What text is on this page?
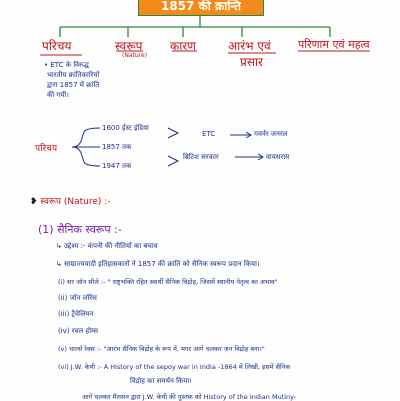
1857 की क्रान्ति
परिचय	स्वरूप
(Nature)
कारण	आरंभ एवं
प्रसार
परिणाम एवं महत्व
• ETC के विरुद्ध
भारतीय क्रांतिकारियों
द्वारा 1857 में क्रांति
की गयी।
परिचय
1600 ईस्ट इंडिया
1857 तक
1947 तक
ETC
ब्रिटिश सरकार
गवर्नर जनरल
वायसराय
❥ स्वरूप (Nature) :-
(1) सैनिक स्वरूप :-
↳ उद्देश्य :- कंपनी की नीतियों का बचाव
↳ साम्राज्यवादी इतिहासकारों ने 1857 की क्रांति को सैनिक स्वरूप प्रदान किया।
(i) सर जॉन सीले :- " राष्ट्रभक्ति रहित स्वार्थी सैनिक विद्रोह, जिसमें स्थानीय नेतृत्व का अभाव"
(ii) जॉन लॉरेंस
(iii) ट्रैवेलियन
(iv) रवल होम्स
(v) चार्ल्स रेक्स :- "आरंभ सैनिक विद्रोह के रूप में, मगर आगे चलकर जन विद्रोह बना।"
(vi) J.W. केयी :- A History of the sepoy war in India -1864 में लिखी, इसमें सैनिक
विद्रोह का समर्थन किया।
आगे चलकर मैलसन द्वारा J.W. केयी की पुस्तक को History of the Indian Mutiny-
